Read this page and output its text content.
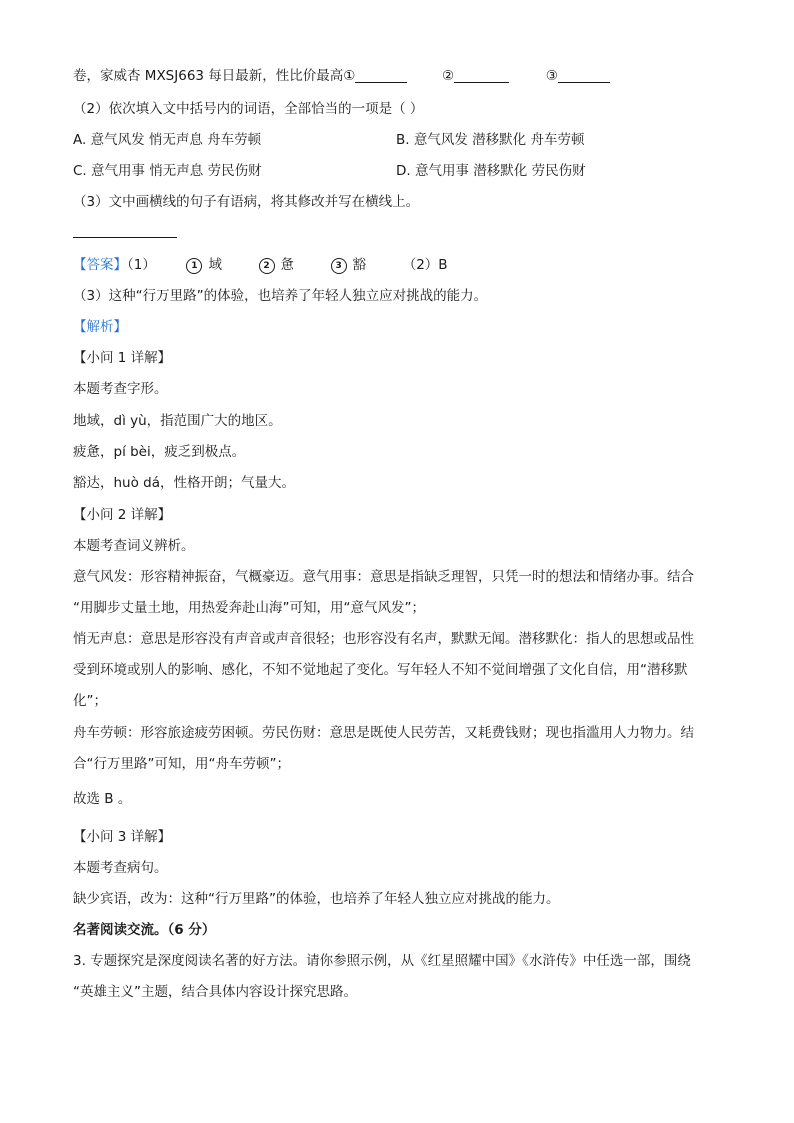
卷，家威杏 MXSJ663 每日最新，性比价最高①	②	③
（2）依次填入文中括号内的词语，全部恰当的一项是（ ）
A. 意气风发 悄无声息 舟车劳顿	B. 意气风发 潜移默化 舟车劳顿
C. 意气用事 悄无声息 劳民伤财	D. 意气用事 潜移默化 劳民伤财
（3）文中画横线的句子有语病，将其修改并写在横线上。
【答案】（1）	1 域	2 惫	3 豁	（2）B
（3）这种“行万里路”的体验，也培养了年轻人独立应对挑战的能力。
【解析】
【小问 1 详解】
本题考查字形。
地域，dì yù，指范围广大的地区。
疲惫，pí bèi，疲乏到极点。
豁达，huò dá，性格开朗；气量大。
【小问 2 详解】
本题考查词义辨析。
意气风发：形容精神振奋，气概豪迈。意气用事：意思是指缺乏理智，只凭一时的想法和情绪办事。结合
“用脚步丈量土地，用热爱奔赴山海”可知，用“意气风发”；
悄无声息：意思是形容没有声音或声音很轻；也形容没有名声，默默无闻。潜移默化：指人的思想或品性
受到环境或别人的影响、感化，不知不觉地起了变化。写年轻人不知不觉间增强了文化自信，用“潜移默
化”；
舟车劳顿：形容旅途疲劳困顿。劳民伤财：意思是既使人民劳苦，又耗费钱财；现也指滥用人力物力。结
合“行万里路”可知，用“舟车劳顿”；
故选 B 。
【小问 3 详解】
本题考查病句。
缺少宾语，改为：这种“行万里路”的体验，也培养了年轻人独立应对挑战的能力。
名著阅读交流。（6 分）
3. 专题探究是深度阅读名著的好方法。请你参照示例，从《红星照耀中国》《水浒传》中任选一部，围绕
“英雄主义”主题，结合具体内容设计探究思路。
